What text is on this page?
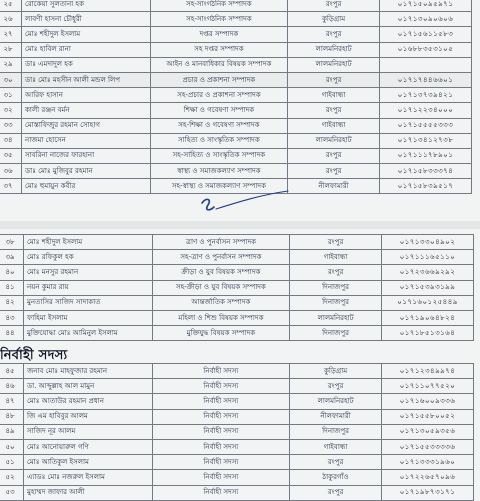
২৫	রোকেয়া সুলতানা হক	সহ-সাংগঠনিক সম্পাদক	রংপুর	০১৭১৫০৯৫৯৭১
২৬	লাবণী হাসনা চৌধুরী	সহ-সাংগঠনিক সম্পাদক	কুড়িগ্রাম	০১৭১৩০৯০৬০৬
২৭	মোঃ শহীদুল ইসলাম	দপ্তর সম্পাদক	রংপুর	০১৭১৫৬১১৫৮৩
২৮	মোঃ হাবিল রানা	সহ দপ্তর সম্পাদক	লালমনিরহাট	০১৬৮৮৩৫৩১০৫
২৯	ডাঃ এমদাদুল হক	আইন ও মানবাধিকার বিষয়ক সম্পাদক	লালমনিরহাট	
৩০	ডাঃ মোঃ মহসীন আলী মন্ডল লিপ	প্রচার ও প্রকাশনা সম্পাদক	রংপুর	০১৭১৭৪৪৬৬০১
৩১	আরিফ হাসান	সহ-প্রচার ও প্রকাশনা সম্পাদক	গাইবান্ধা	০১৭১৩৭৩৯৪২১
৩২	কালী রঞ্জন বর্মন	শিক্ষা ও গবেষণা সম্পাদক	রংপুর	০১৭১২২৩৪০০০
৩৩	মোস্তাফিজুর রহমান সোহাগ	সহ-শিক্ষা ও গবেষণা সম্পাদক	গাইবান্ধা	০১৭১৫৫৫৫৩৩৩
৩৪	নাজমা হোসেন	সাহিত্য ও সাংস্কৃতিক সম্পাদক	লালমনিরহাট	০১৭১৩৪১২৭৩৮
৩৫	সাবরিনা নাজের ফারহানা	সহ-সাহিত্য ও সাংস্কৃতিক সম্পাদক	রংপুর	০১৭১১১৭৮৯০১
৩৬	ডাঃ মোঃ মুজিবুর রহমান	স্বাস্থ্য ও সমাজকল্যাণ সম্পাদক	রংপুর	০১৭১৫৮৩৩৩৭৪
৩৭	মোঃ হুমায়ুন কবীর	সহ-স্বাস্থ্য ও সমাজকল্যাণ সম্পাদক	নীলফামারী	০১৭১৫৮৩৯৫১৭
৩৮	মোঃ শহীদুল ইসলাম	ত্রাণ ও পুনর্বাসন সম্পাদক	রংপুর	০১৭১৩৩০৪৯০২
৩৯	মোঃ রফিকুল হক	সহ-ত্রাণ ও পুনর্বাসন সম্পাদক	গাইবান্ধা	০১৭১১১৬৫১১০
৪০	মোঃ মনসুর রহমান	ক্রীড়া ও যুব বিষয়ক সম্পাদক	রংপুর	০১৭২৩৬৬৯২৯২
৪১	নয়ন কুমার রায়	সহ-ক্রীড়া ও যুব বিষয়ক সম্পাদক	দিনাজপুর	০১৭১৫৩৯৩১৯৯
৪২	মুনতাসির সাজিদ সাদাকাত	আন্তর্জাতিক সম্পাদক	দিনাজপুর	০১৭১৬০১২৫৪৪৯
৪৩	ফাহিমা ইসলাম	মহিলা ও শিশু বিষয়ক সম্পাদক	লালমনিরহাট	০১৭১৯০৬৪৮২৪
৪৪	মুক্তিযোদ্ধা মোঃ আমিনুল ইসলাম	মুক্তিযুদ্ধ বিষয়ক সম্পাদক	দিনাজপুর	০১৭১৮৫১৩১৬৪
নির্বাহী সদস্য
৪৫	জনাব মোঃ মাহফুজার রহমান	নির্বাহী সদস্য	কুড়িগ্রাম	০১৭১২৩৪৯৯৭৪
৪৬	ডা. আব্দুল্লাহ আল মামুন	নির্বাহী সদস্য	রংপুর	০১৭১১০৭৭৫২০
৪৭	মোঃ আতাউর রহমান প্রধান	নির্বাহী সদস্য	লালমনিরহাট	০১৭১৬০০৯৩৩৬
৪৮	জি এম হাবিবুর আলম	নির্বাহী সদস্য	নীলফামারী	০১৭১৫৫৮০০৫২
৪৯	সাজিদ নূর আলম	নির্বাহী সদস্য	দিনাজপুর	০১৭১৩০৫৯৩৫৬
৫০	মোঃ আনোয়ারুল গণি	নির্বাহী সদস্য	গাইবান্ধা	০১৭১৫৫৩৩৩৩৬
৫১	মোঃ আতিকুল ইসলাম	নির্বাহী সদস্য	রংপুর	০১৭১৩৩৩১৯৬০
৫২	এ্যাডঃ মোঃ নজরুল ইসলাম	নির্বাহী সদস্য	ঠাকুরগাঁও	০১৭২২৬৫৭০৯৬
৫৩	মুহাম্মদ জাফার আলী	নির্বাহী সদস্য	রংপুর	০১৭১৯৮৭৩১৭১
